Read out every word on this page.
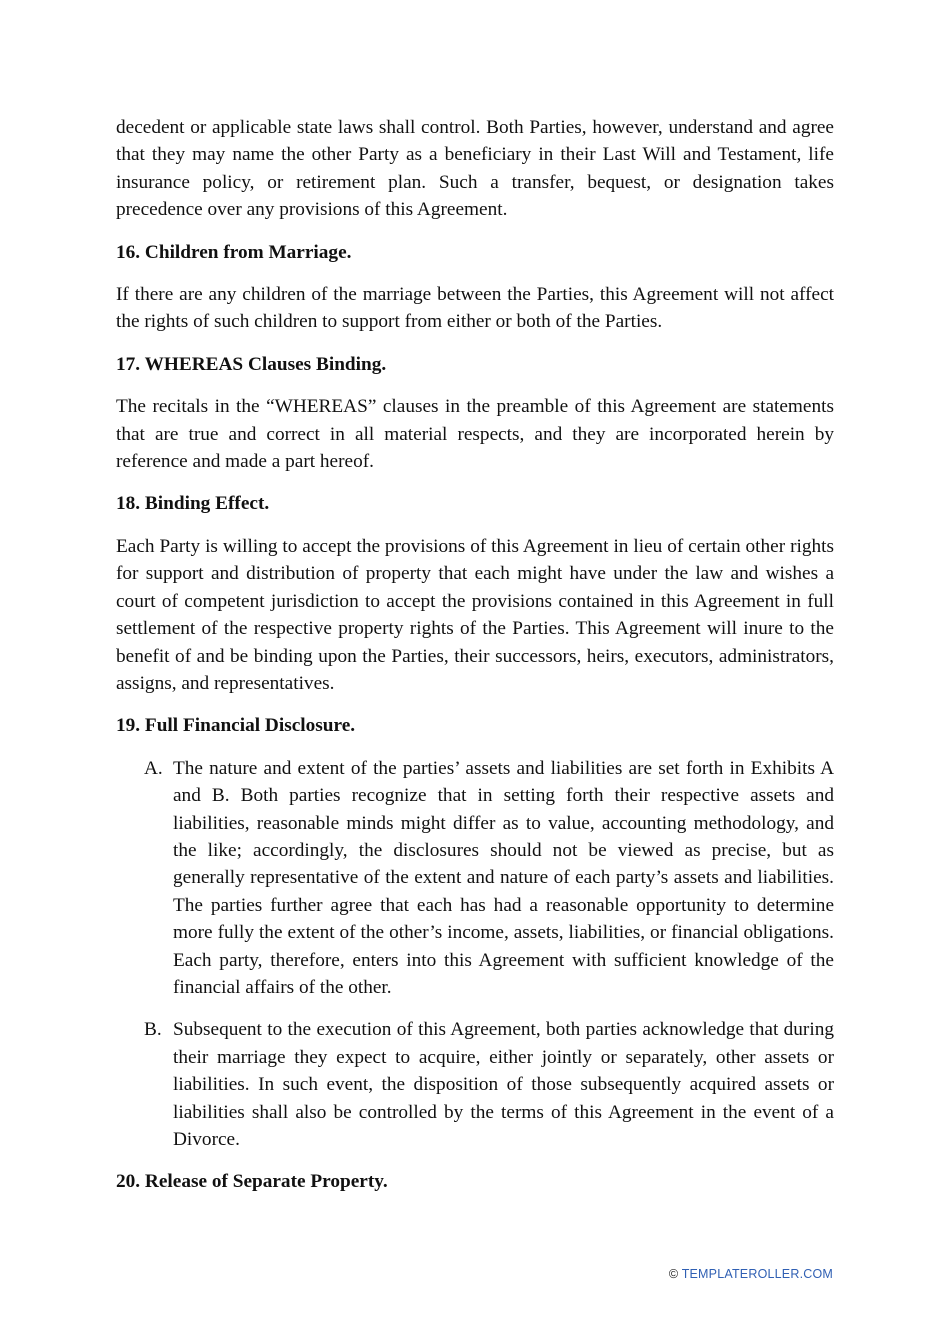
decedent or applicable state laws shall control. Both Parties, however, understand and agree that they may name the other Party as a beneficiary in their Last Will and Testament, life insurance policy, or retirement plan. Such a transfer, bequest, or designation takes precedence over any provisions of this Agreement.

16. Children from Marriage.

If there are any children of the marriage between the Parties, this Agreement will not affect the rights of such children to support from either or both of the Parties.

17. WHEREAS Clauses Binding.

The recitals in the “WHEREAS” clauses in the preamble of this Agreement are statements that are true and correct in all material respects, and they are incorporated herein by reference and made a part hereof.

18. Binding Effect.

Each Party is willing to accept the provisions of this Agreement in lieu of certain other rights for support and distribution of property that each might have under the law and wishes a court of competent jurisdiction to accept the provisions contained in this Agreement in full settlement of the respective property rights of the Parties. This Agreement will inure to the benefit of and be binding upon the Parties, their successors, heirs, executors, administrators, assigns, and representatives.

19. Full Financial Disclosure.
A. The nature and extent of the parties’ assets and liabilities are set forth in Exhibits A and B. Both parties recognize that in setting forth their respective assets and liabilities, reasonable minds might differ as to value, accounting methodology, and the like; accordingly, the disclosures should not be viewed as precise, but as generally representative of the extent and nature of each party’s assets and liabilities. The parties further agree that each has had a reasonable opportunity to determine more fully the extent of the other’s income, assets, liabilities, or financial obligations. Each party, therefore, enters into this Agreement with sufficient knowledge of the financial affairs of the other.

B. Subsequent to the execution of this Agreement, both parties acknowledge that during their marriage they expect to acquire, either jointly or separately, other assets or liabilities. In such event, the disposition of those subsequently acquired assets or liabilities shall also be controlled by the terms of this Agreement in the event of a Divorce.

20. Release of Separate Property.
© TEMPLATEROLLER.COM
